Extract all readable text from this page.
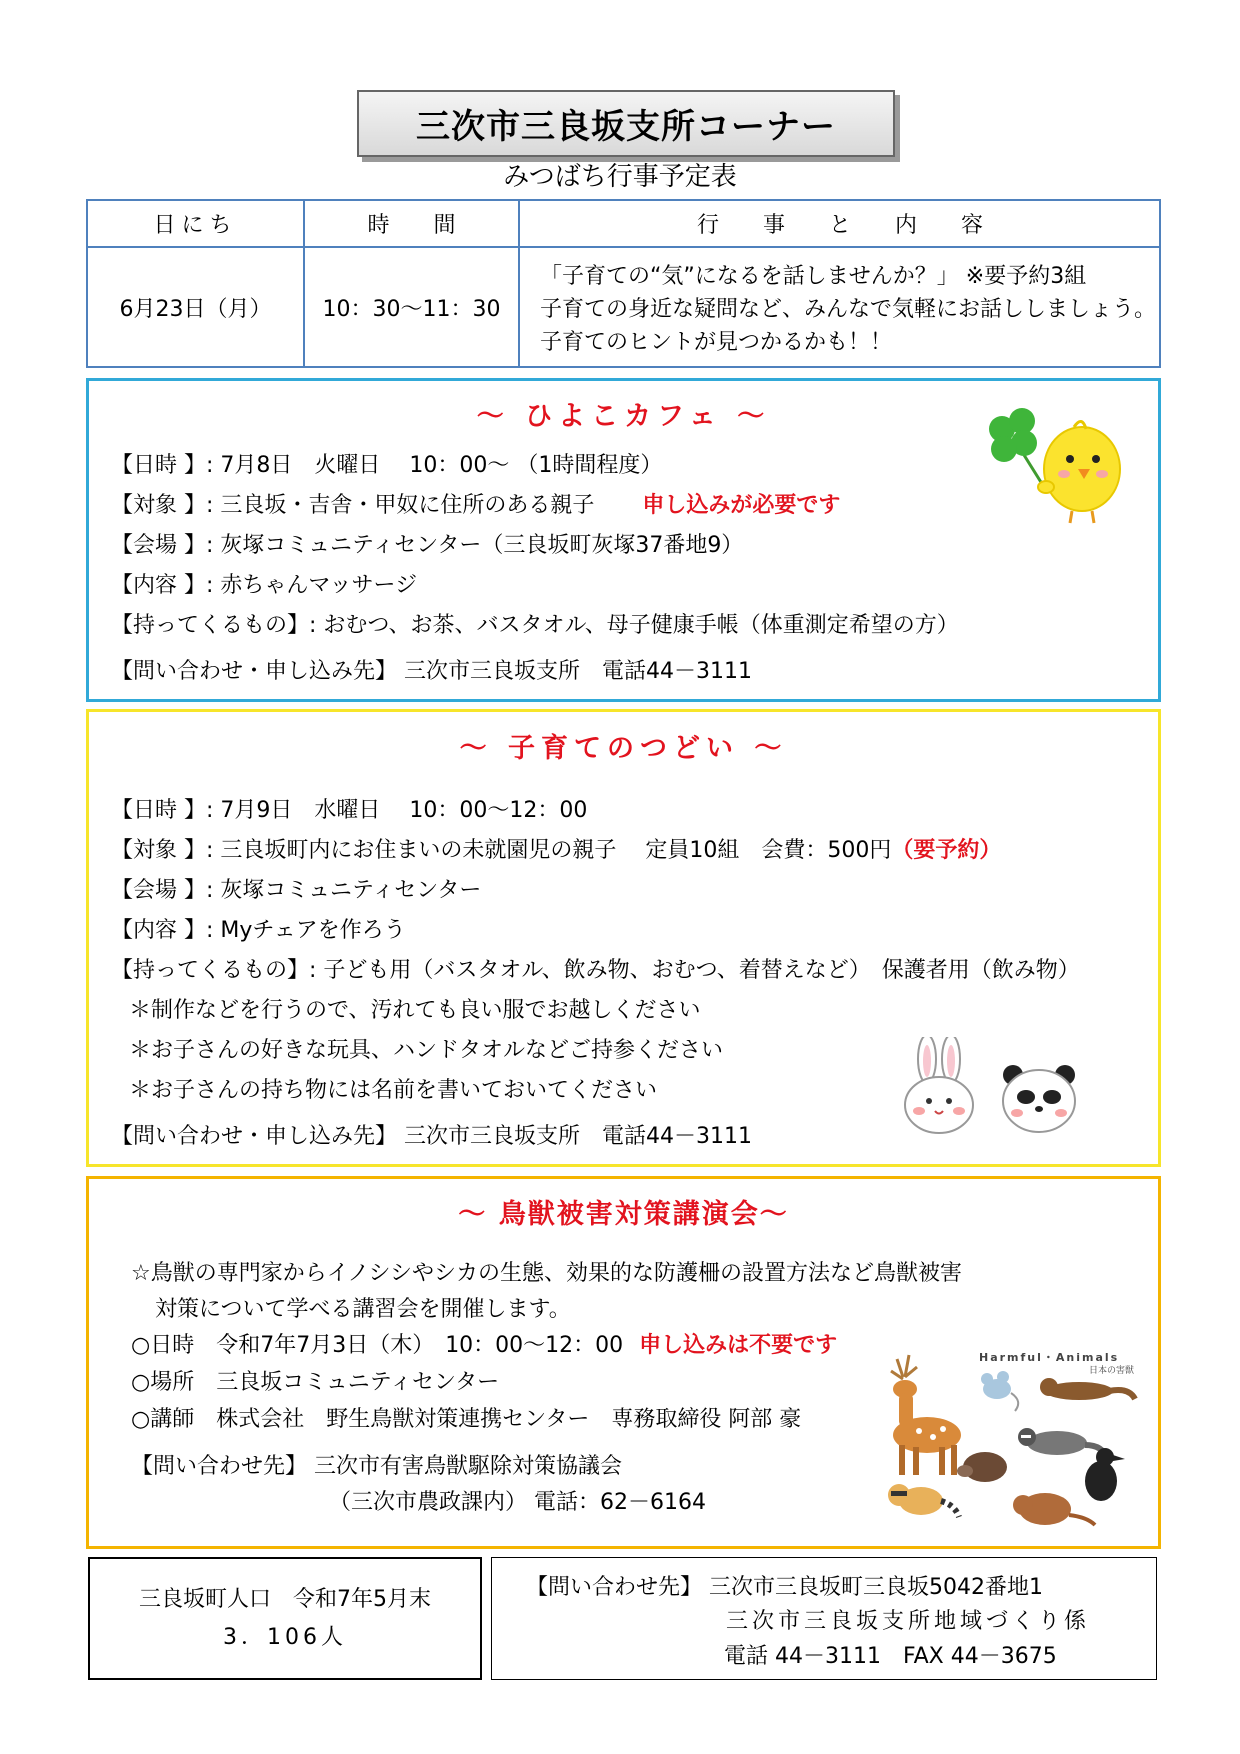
三次市三良坂支所コーナー
みつばち行事予定表
日にち	時　　間	行　　事　　と　　内　　容
6月23日（月）	10：30～11：30
「子育ての“気”になるを話しませんか？」 ※要予約3組
子育ての身近な疑問など、みんなで気軽にお話ししましょう。
子育てのヒントが見つかるかも！！
～ ひよこカフェ ～
【日時 】: 7月8日　火曜日　 10：00～ （1時間程度）
【対象 】: 三良坂・吉舎・甲奴に住所のある親子 申し込みが必要です
【会場 】: 灰塚コミュニティセンター（三良坂町灰塚37番地9）
【内容 】: 赤ちゃんマッサージ
【持ってくるもの】: おむつ、お茶、バスタオル、母子健康手帳（体重測定希望の方）
【問い合わせ・申し込み先】 三次市三良坂支所　電話44－3111
～ 子育てのつどい ～
【日時 】: 7月9日　水曜日　 10：00～12：00
【対象 】: 三良坂町内にお住まいの未就園児の親子　 定員10組　会費：500円（要予約）
【会場 】: 灰塚コミュニティセンター
【内容 】: Myチェアを作ろう
【持ってくるもの】: 子ども用（バスタオル、飲み物、おむつ、着替えなど）　保護者用（飲み物）
＊制作などを行うので、汚れても良い服でお越しください
＊お子さんの好きな玩具、ハンドタオルなどご持参ください
＊お子さんの持ち物には名前を書いておいてください
【問い合わせ・申し込み先】 三次市三良坂支所　電話44－3111
～ 鳥獣被害対策講演会～
☆鳥獣の専門家からイノシシやシカの生態、効果的な防護柵の設置方法など鳥獣被害
対策について学べる講習会を開催します。
○日時　令和7年7月3日（木）　10：00～12：00 申し込みは不要です
○場所　三良坂コミュニティセンター
○講師　株式会社　野生鳥獣対策連携センター　専務取締役 阿部 豪
【問い合わせ先】 三次市有害鳥獣駆除対策協議会
（三次市農政課内） 電話：62－6164
Harmful・Animals
日本の害獣
三良坂町人口　令和7年5月末
3．106人
【問い合わせ先】 三次市三良坂町三良坂5042番地1
三次市三良坂支所地域づくり係
電話 44－3111　FAX 44－3675
